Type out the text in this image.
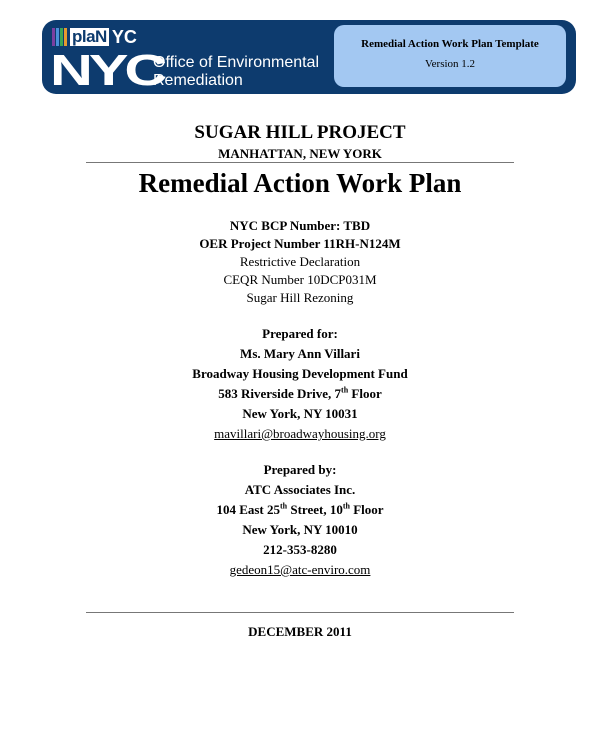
plaN YC
NYC
Office of Environmental
Remediation
Remedial Action Work Plan Template
Version 1.2
SUGAR HILL PROJECT
MANHATTAN, NEW YORK
Remedial Action Work Plan
NYC BCP Number: TBD
OER Project Number 11RH-N124M
Restrictive Declaration
CEQR Number 10DCP031M
Sugar Hill Rezoning
Prepared for:
Ms. Mary Ann Villari
Broadway Housing Development Fund
583 Riverside Drive, 7th Floor
New York, NY 10031
mavillari@broadwayhousing.org
Prepared by:
ATC Associates Inc.
104 East 25th Street, 10th Floor
New York, NY 10010
212-353-8280
gedeon15@atc-enviro.com
DECEMBER 2011
